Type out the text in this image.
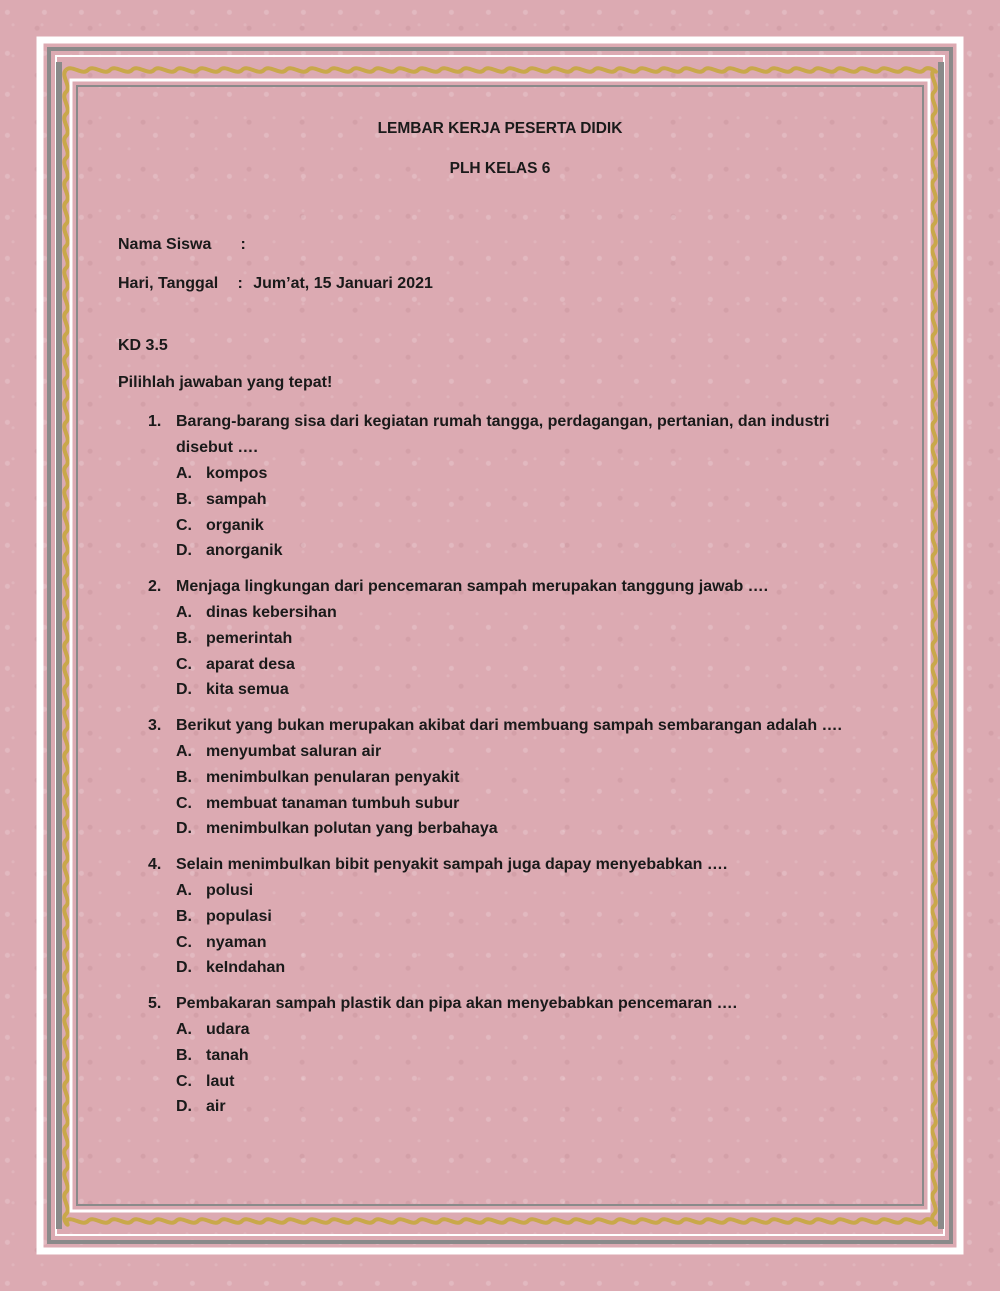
LEMBAR KERJA PESERTA DIDIK
PLH KELAS 6
Nama Siswa :
Hari, Tanggal : Jum’at, 15 Januari 2021
KD 3.5
Pilihlah jawaban yang tepat!
1. Barang-barang sisa dari kegiatan rumah tangga, perdagangan, pertanian, dan industri disebut ….
A. kompos
B. sampah
C. organik
D. anorganik
2. Menjaga lingkungan dari pencemaran sampah merupakan tanggung jawab ….
A. dinas kebersihan
B. pemerintah
C. aparat desa
D. kita semua
3. Berikut yang bukan merupakan akibat dari membuang sampah sembarangan adalah ….
A. menyumbat saluran air
B. menimbulkan penularan penyakit
C. membuat tanaman tumbuh subur
D. menimbulkan polutan yang berbahaya
4. Selain menimbulkan bibit penyakit sampah juga dapay menyebabkan ….
A. polusi
B. populasi
C. nyaman
D. keIndahan
5. Pembakaran sampah plastik dan pipa akan menyebabkan pencemaran ….
A. udara
B. tanah
C. laut
D. air
